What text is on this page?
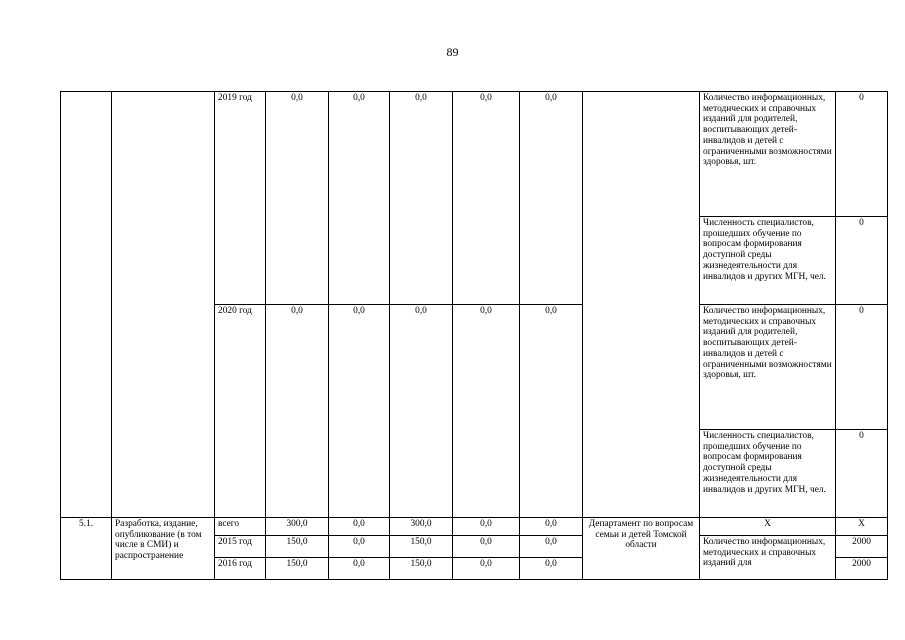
89
		2019 год	0,0	0,0	0,0	0,0	0,0		Количество информационных, методических и справочных изданий для родителей, воспитывающих детей-инвалидов и детей с ограниченными возможностями здоровья, шт.	0
									Численность специалистов, прошедших обучение по вопросам формирования доступной среды жизнедеятельности для инвалидов и других МГН, чел.	0
		2020 год	0,0	0,0	0,0	0,0	0,0		Количество информационных, методических и справочных изданий для родителей, воспитывающих детей-инвалидов и детей с ограниченными возможностями здоровья, шт.	0
									Численность специалистов, прошедших обучение по вопросам формирования доступной среды жизнедеятельности для инвалидов и других МГН, чел.	0
5.1.	Разработка, издание, опубликование (в том числе в СМИ) и распространение	всего	300,0	0,0	300,0	0,0	0,0	Департамент по вопросам семьи и детей Томской области	Х	Х
		2015 год	150,0	0,0	150,0	0,0	0,0		Количество информационных, методических и справочных изданий для	2000
		2016 год	150,0	0,0	150,0	0,0	0,0			2000
